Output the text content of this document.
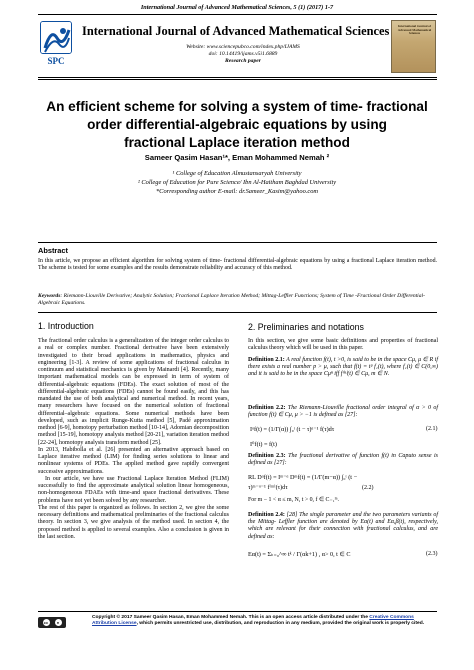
International Journal of Advanced Mathematical Sciences, 5 (1) (2017) 1-7
SPC
International Journal of Advanced Mathematical Sciences
Website: www.sciencepubco.com/index.php/IJAMS
doi: 10.14419/ijams.v5i1.6889
Research paper
International Journal of Advanced Mathematical Sciences
An efficient scheme for solving a system of time- fractional
order differential-algebraic equations by using
fractional Laplace iteration method
Sameer Qasim Hasan¹*, Eman Mohammed Nemah ²
¹ College of Education Almustansaryah University
² College of Education for Pure Science/ Ibn Al-Haitham Baghdad University
*Corresponding author E-mail: dr.Sameer_Kasim@yahoo.com
Abstract
In this article, we propose an efficient algorithm for solving system of time- fractional differential-algebraic equations by using a fractional Laplace iteration method. The scheme is tested for some examples and the results demonstrate reliability and accuracy of this method.
Keywords: Riemann-Liouville Derivative; Analytic Solution; Fractional Laplace Iteration Method; Mittag-Leffler Functions; System of Time -Fractional Order Differential-Algebraic Equations.
1. Introduction

The fractional order calculus is a generalization of the integer order calculus to a real or complex number. Fractional derivative have been extensively investigated to their broad applications in mathematics, physics and engineering [1-3]. A review of some applications of fractional calculus in continuum and statistical mechanics is given by Mainardi [4]. Recently, many important mathematical models can be expressed in term of system of differential-algebraic equations (FDEs). The exact solution of most of the differential-algebraic equations (FDEs) cannot be found easily, and this has mandated the use of both analytical and numerical method. In recent years, many researchers have focused on the numerical solution of fractional differential–algebraic equations. Some numerical methods have been developed, such as implicit Runge-Kutta method [5], Padé approximation method [6-9], homotopy perturbation method [10-14], Adomian decomposition method [15-19], homotopy analysis method [20-21], variation iteration method [22-24], homotopy analysis transform method [25].

In 2013, Habibolla et al. [26] presented an alternative approach based on Laplace iterative method (LIM) for finding series solutions to linear and nonlinear systems of PDEs. The applied method gave rapidly convergent successive approximations.

In our article, we have use Fractional Laplace Iteration Method (FLIM) successfully to find the approximate analytical solution linear homogeneous, non-homogeneous FDAEs with time-and space fractional derivatives. These problems have not yet been solved by any researcher.

The rest of this paper is organized as follows. In section 2, we give the some necessary definitions and mathematical preliminaries of the fractional calculus theory. In section 3, we give analysis of the method used. In section 4, the proposed method is applied to several examples. Also a conclusion is given in the last section.

2. Preliminaries and notations
In this section, we give some basic definitions and properties of fractional calculus theory which will be used in this paper.
Definition 2.1: A real function f(t), t >0, is said to be in the space Cμ, μ ∈ R if there exists a real number p > μ, such that f(t) = tᵖ f₁(t), where f₁(t) ∈ C(0,∞) and it is said to be in the space Cμⁿ iff f⁽ⁿ⁾(t) ∈ Cμ, m ∈ N.
Definition 2.2: The Riemann-Liouville fractional order integral of α > 0 of function f(t) ∈ Cμ, μ > −1 is defined as [27]:
Iᵅf(t) = (1/Γ(α)) ∫₀ᵗ (t − τ)ᵅ⁻¹ f(τ)dτ	(2.1)
I⁰f(t) = f(t)
Definition 2.3: The fractional derivative of function f(t) in Caputo sense is defined as [27]:
RL Dᵅf(t) = Iᵐ⁻ᵅ Dᵐf(t) = (1/Γ(m−α)) ∫₀ᵗ (t −
τ)ᵐ⁻ᵅ⁻¹ f⁽ᵐ⁾(τ)dτ	(2.2)
For m − 1 < α ≤ m, N, t > 0, f ∈ C₋₁ᵐ.
Definition 2.4: [28] The single parameter and the two parameters variants of the Mittag- Leffler function are denoted by Eα(t) and Eα,β(t), respectively, which are relevant for their connection with fractional calculus, and are defined as:
Eα(t) = Σₖ₌₀^∞ tᵏ / Γ(αk+1) , α> 0, t ∈ C	(2.3)
cc	●
Copyright © 2017 Sameer Qasim Hasan, Eman Mohammed Nemah. This is an open access article distributed under the Creative Commons Attribution License, which permits unrestricted use, distribution, and reproduction in any medium, provided the original work is properly cited.
